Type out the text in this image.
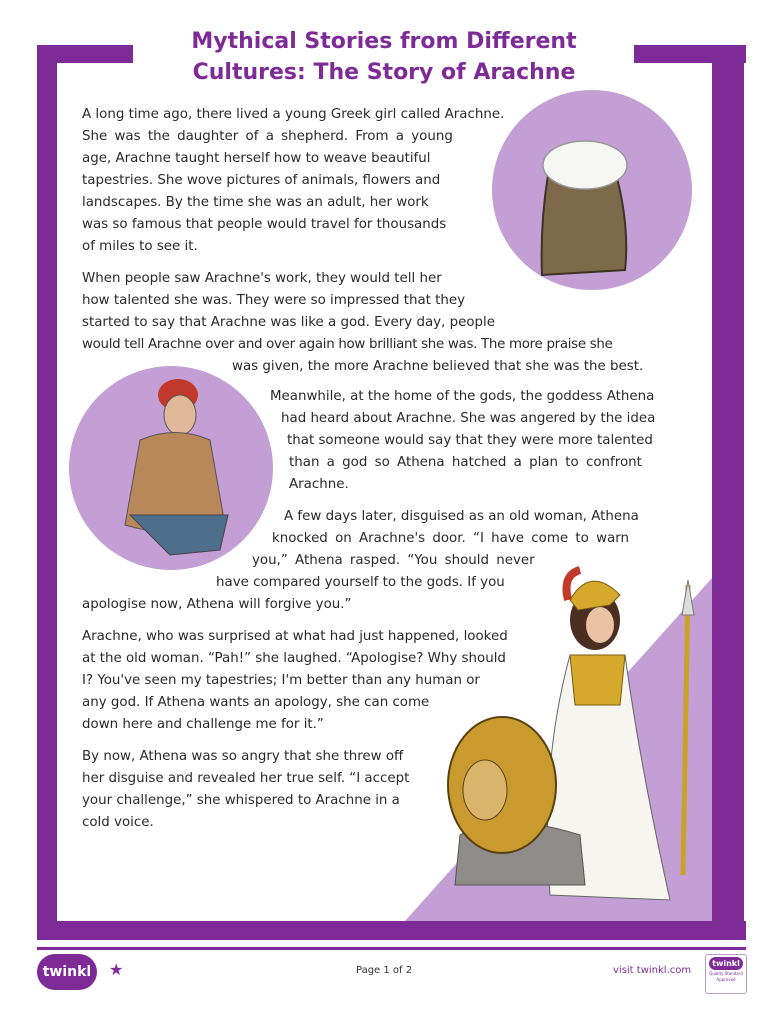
Mythical Stories from Different
Cultures: The Story of Arachne
A long time ago, there lived a young Greek girl called Arachne.
She was the daughter of a shepherd. From a young
age, Arachne taught herself how to weave beautiful
tapestries. She wove pictures of animals, flowers and
landscapes. By the time she was an adult, her work
was so famous that people would travel for thousands
of miles to see it.
When people saw Arachne's work, they would tell her
how talented she was. They were so impressed that they
started to say that Arachne was like a god. Every day, people
would tell Arachne over and over again how brilliant she was. The more praise she
was given, the more Arachne believed that she was the best.
Meanwhile, at the home of the gods, the goddess Athena
had heard about Arachne. She was angered by the idea
that someone would say that they were more talented
than a god so Athena hatched a plan to confront
Arachne.
A few days later, disguised as an old woman, Athena
knocked on Arachne's door. “I have come to warn
you,” Athena rasped. “You should never
have compared yourself to the gods. If you
apologise now, Athena will forgive you.”
Arachne, who was surprised at what had just happened, looked
at the old woman. “Pah!” she laughed. “Apologise? Why should
I? You've seen my tapestries; I'm better than any human or
any god. If Athena wants an apology, she can come
down here and challenge me for it.”
By now, Athena was so angry that she threw off
her disguise and revealed her true self. “I accept
your challenge,” she whispered to Arachne in a
cold voice.
twinkl	★	Page 1 of 2	visit twinkl.com
twinkl
Quality Standard
Approved
